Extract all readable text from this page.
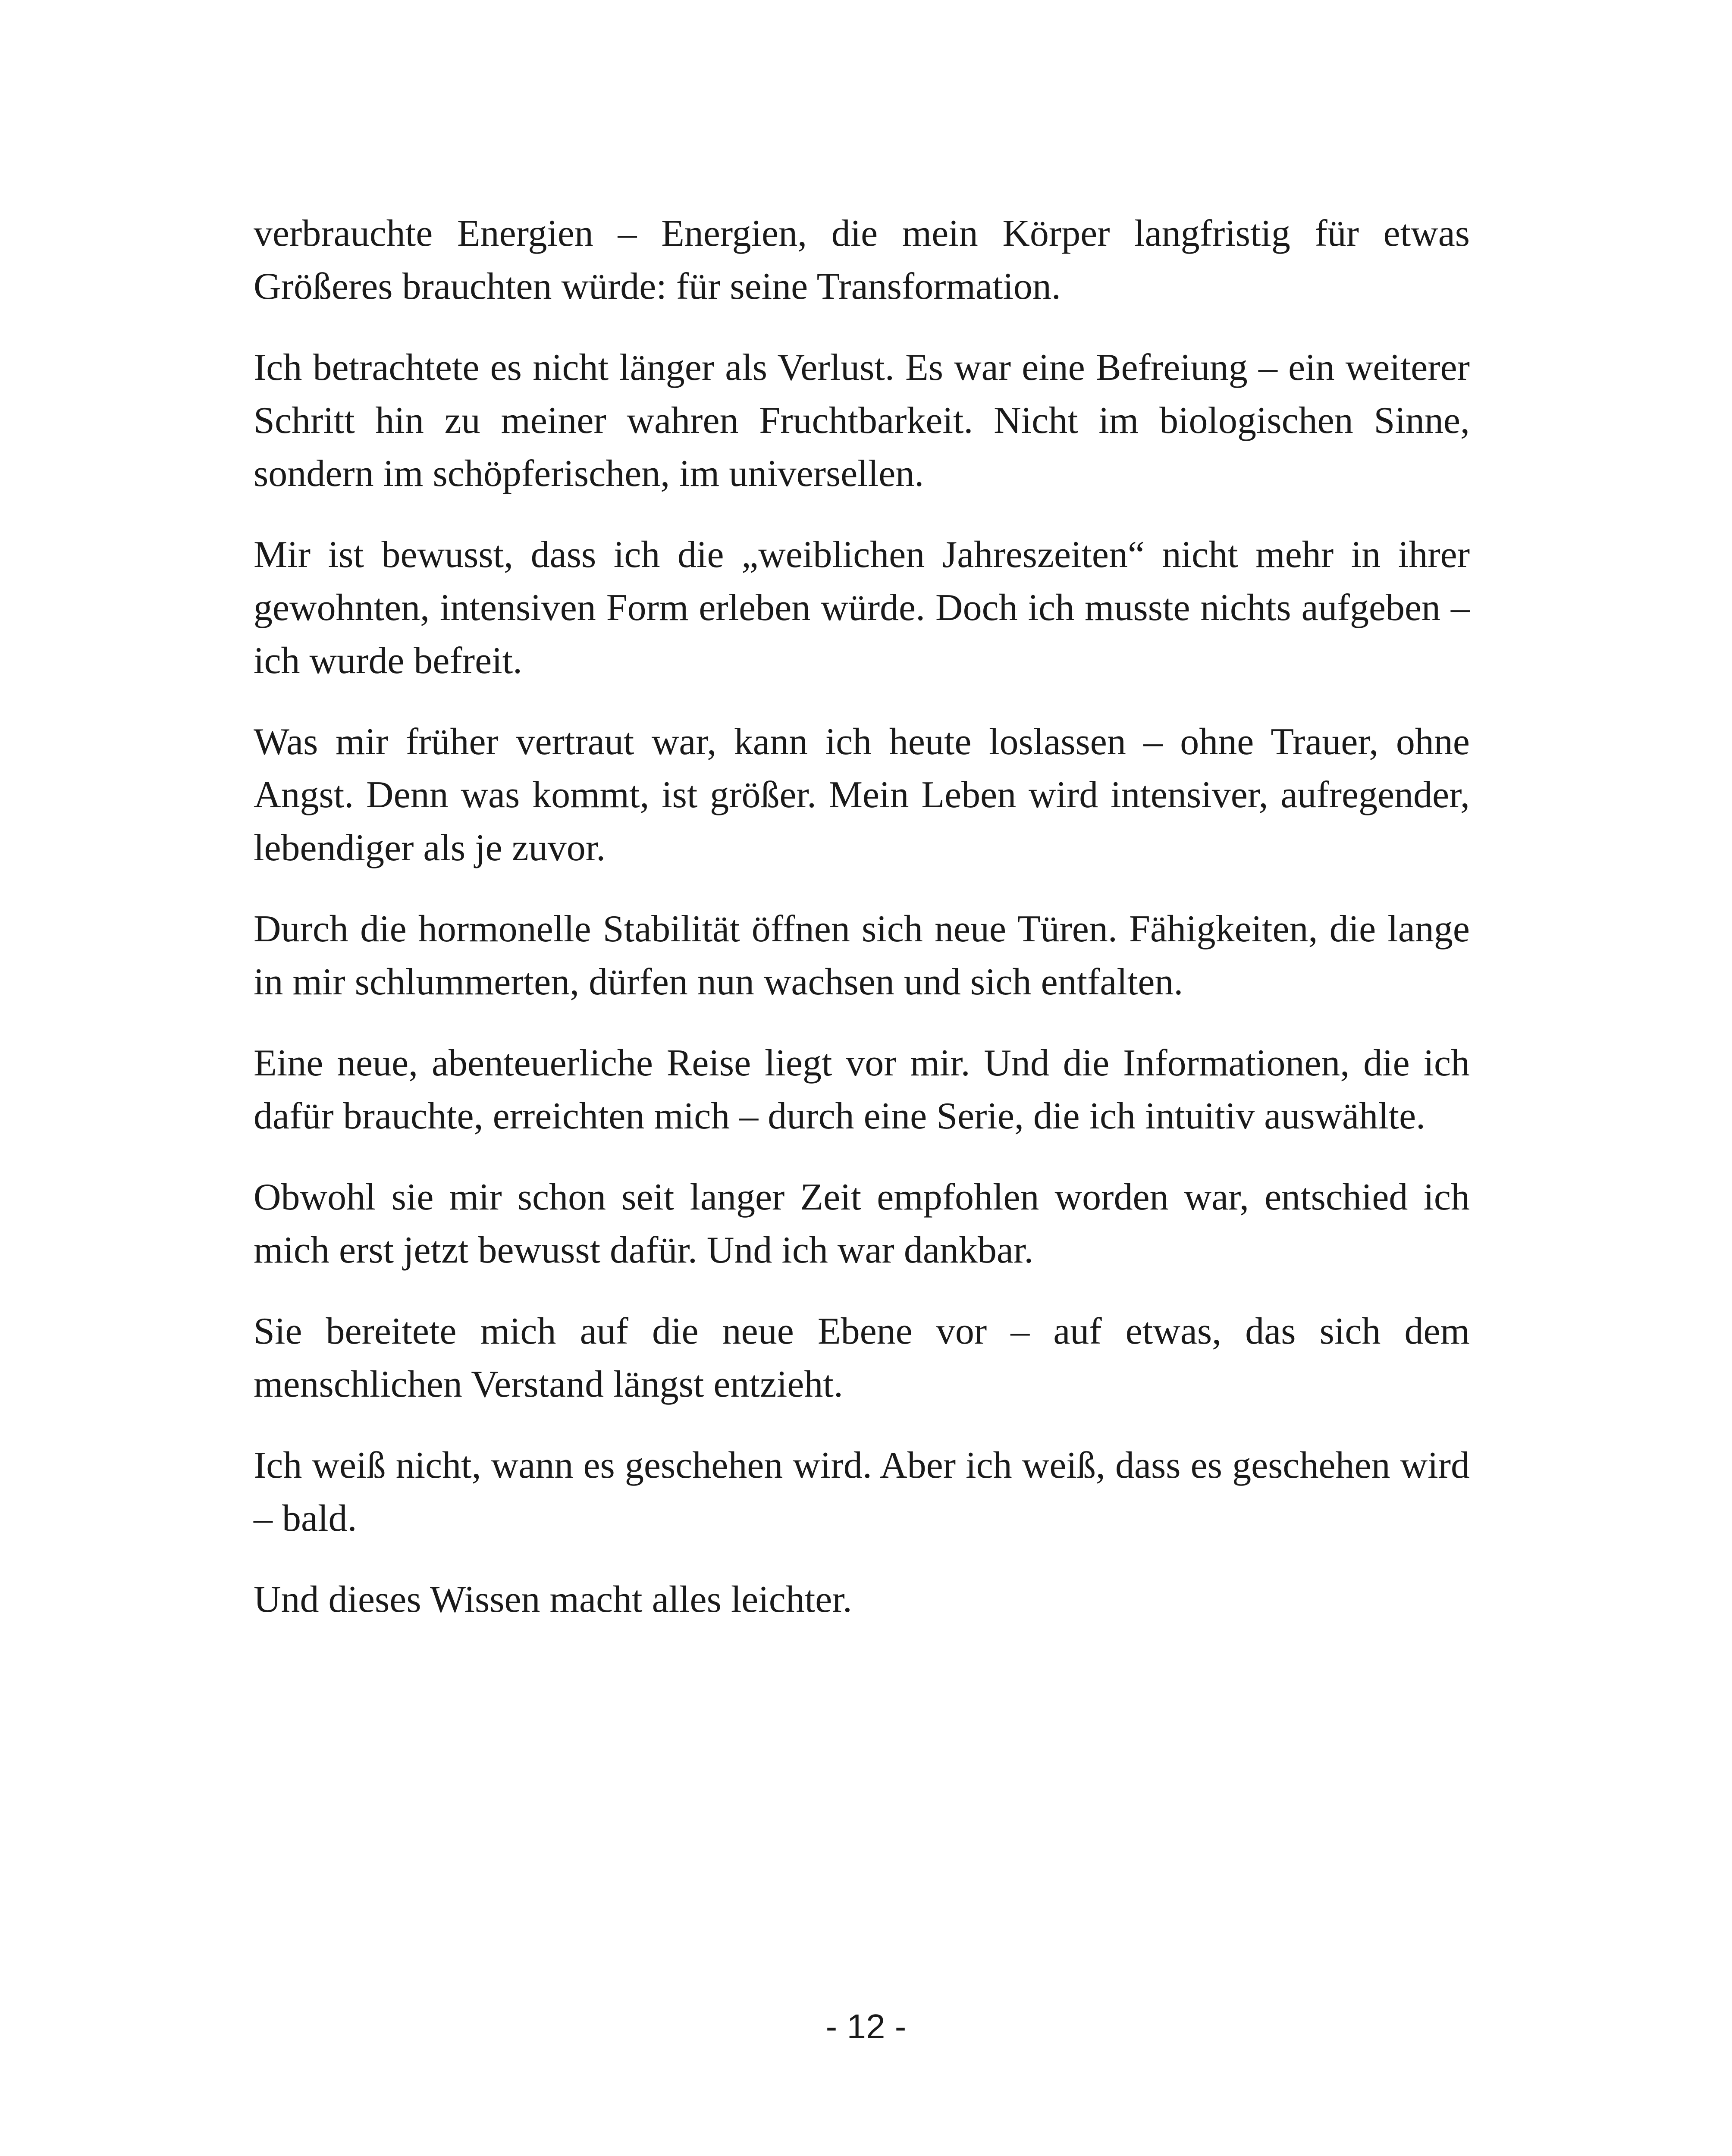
verbrauchte Energien – Energien, die mein Körper langfristig für etwas Größeres brauchten würde: für seine Transformation.

Ich betrachtete es nicht länger als Verlust. Es war eine Befreiung – ein weiterer Schritt hin zu meiner wahren Fruchtbarkeit. Nicht im biologischen Sinne, sondern im schöpferischen, im universellen.

Mir ist bewusst, dass ich die „weiblichen Jahreszeiten“ nicht mehr in ihrer gewohnten, intensiven Form erleben würde. Doch ich musste nichts aufgeben – ich wurde befreit.

Was mir früher vertraut war, kann ich heute loslassen – ohne Trauer, ohne Angst. Denn was kommt, ist größer. Mein Leben wird intensiver, aufregender, lebendiger als je zuvor.

Durch die hormonelle Stabilität öffnen sich neue Türen. Fähigkeiten, die lange in mir schlummerten, dürfen nun wachsen und sich entfalten.

Eine neue, abenteuerliche Reise liegt vor mir. Und die Informationen, die ich dafür brauchte, erreichten mich – durch eine Serie, die ich intuitiv auswählte.

Obwohl sie mir schon seit langer Zeit empfohlen worden war, entschied ich mich erst jetzt bewusst dafür. Und ich war dankbar.

Sie bereitete mich auf die neue Ebene vor – auf etwas, das sich dem menschlichen Verstand längst entzieht.

Ich weiß nicht, wann es geschehen wird. Aber ich weiß, dass es geschehen wird – bald.

Und dieses Wissen macht alles leichter.

- 12 -
